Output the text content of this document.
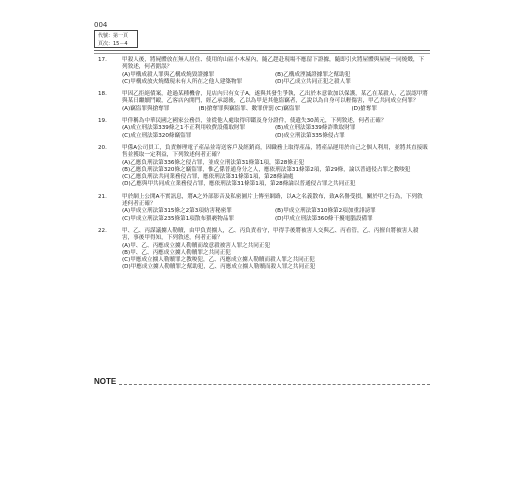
004
代號：第一頁
頁次：15－4
17.	甲殺人後，將屍體放在無人居住、使用的山區小木屋內，隨乙趕赴現場不應留下證據，隨即引火將屋體與屋屍一同燒燬，下列敘述，何者錯誤？
(A)甲構成殺人罪與乙構成燒毀證據罪	(B)乙構成湮滅證據罪之幫助犯
(C)甲構成放火燒燬現未有人所在之他人建築物罪	(D)甲乙成立共同正犯之殺人罪
18.	甲因乙拒絕債案，趁過某種機會，見店內只有女子A，遂與其發生爭執，乙出於本意欲加以保護，某乙在某殺人，乙誤認甲將與某日繼續鬥毆，乙客店內開門，經乙承認後，乙以為甲是其他盜竊者，乙說以為自身可以輕傷害，甲乙共同成立何罪？
(A)竊盜罪與搶奪罪	(B)搶奪罪與竊盜罪、數罪併罰 (C)竊盜罪	(D)搶奪罪
19.	甲佯稱為中華民國之國家公務員，並從他人處取得印鑑及身分證件，使遺失30萬元，下列敘述，何者正確？
(A)成立刑法第339條之1不正利用收費設備取財罪	(B)成立刑法第339條詐欺取財罪
(C)成立刑法第320條竊盜罪	(D)成立刑法第335條侵占罪
20.	甲係A公司員工，負責辦理電子產品並寄送客戶及經銷商，因職務上取得產品，將產品運用於自己之個人利用，並將其直接販售並獲取一定利益，下列敘述何者正確？
(A)乙應負刑法第336條之侵占罪，並成立刑法第31條第1項，第28條正犯
(B)乙應負刑法第320條之竊盜罪，惟乙係普通身分之人，應依刑法第31條第2項，第29條，論以普通侵占罪之教唆犯
(C)乙應負刑法共同業務侵占罪，應依刑法第31條第1項，第28條論處
(D)乙應與甲共同成立業務侵占罪，應依刑法第31條第1項，第28條論以普通侵占罪之共同正犯
21.	甲於網上公開A不實訊息，將A之外部影音及私密圖片上傳至網路，以A之名義散布，致A名譽受損，關於甲之行為，下列敘述何者正確？
(A)甲成立刑法第315條之2第3項妨害秘密罪	(B)甲成立刑法第310條第2項加重誹謗罪
(C)甲成立刑法第235條第1項散布猥褻物品罪	(D)甲成立刑法第360條干擾電腦設備罪
22.	甲、乙、丙謀議擄人勒贖，由甲負責擄人，乙、丙負責看守，甲得手後將被害人交與乙、丙看管，乙、丙擅自將被害人殺害，事後甲得知，下列敘述，何者正確？
(A)甲、乙、丙應成立擄人勒贖而故意殺被害人罪之共同正犯
(B)甲、乙、丙應成立擄人勒贖罪之共同正犯
(C)甲應成立擄人勒贖罪之教唆犯，乙、丙應成立擄人勒贖而殺人罪之共同正犯
(D)甲應成立擄人勒贖罪之幫助犯，乙、丙應成立擄人勒贖而殺人罪之共同正犯
NOTE
